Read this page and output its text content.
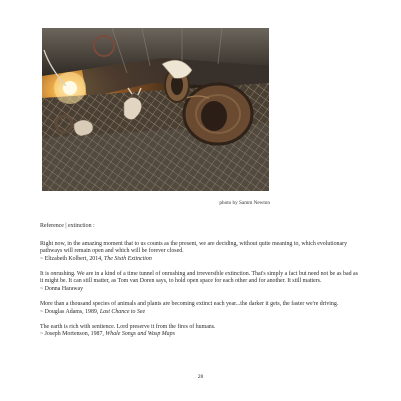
photo by Samm Newton

Reference | extinction :

Right now, in the amazing moment that to us counts as the present, we are deciding, without quite meaning to, which evolutionary pathways will remain open and which will be forever closed.

~ Elizabeth Kolbert, 2014, The Sixth Extinction

It is onrushing. We are in a kind of a time tunnel of onrushing and irreversible extinction. That's simply a fact but need not be as bad as it might be. It can still matter, as Tom van Doren says, to hold open space for each other and for another. It still matters.

~ Donna Haraway

More than a thousand species of animals and plants are becoming extinct each year...the darker it gets, the faster we're driving.

~ Douglas Adams, 1989, Last Chance to See

The earth is rich with sentience. Lord preserve it from the fires of humans.

~ Joseph Mortenson, 1987, Whale Songs and Wasp Maps

28
